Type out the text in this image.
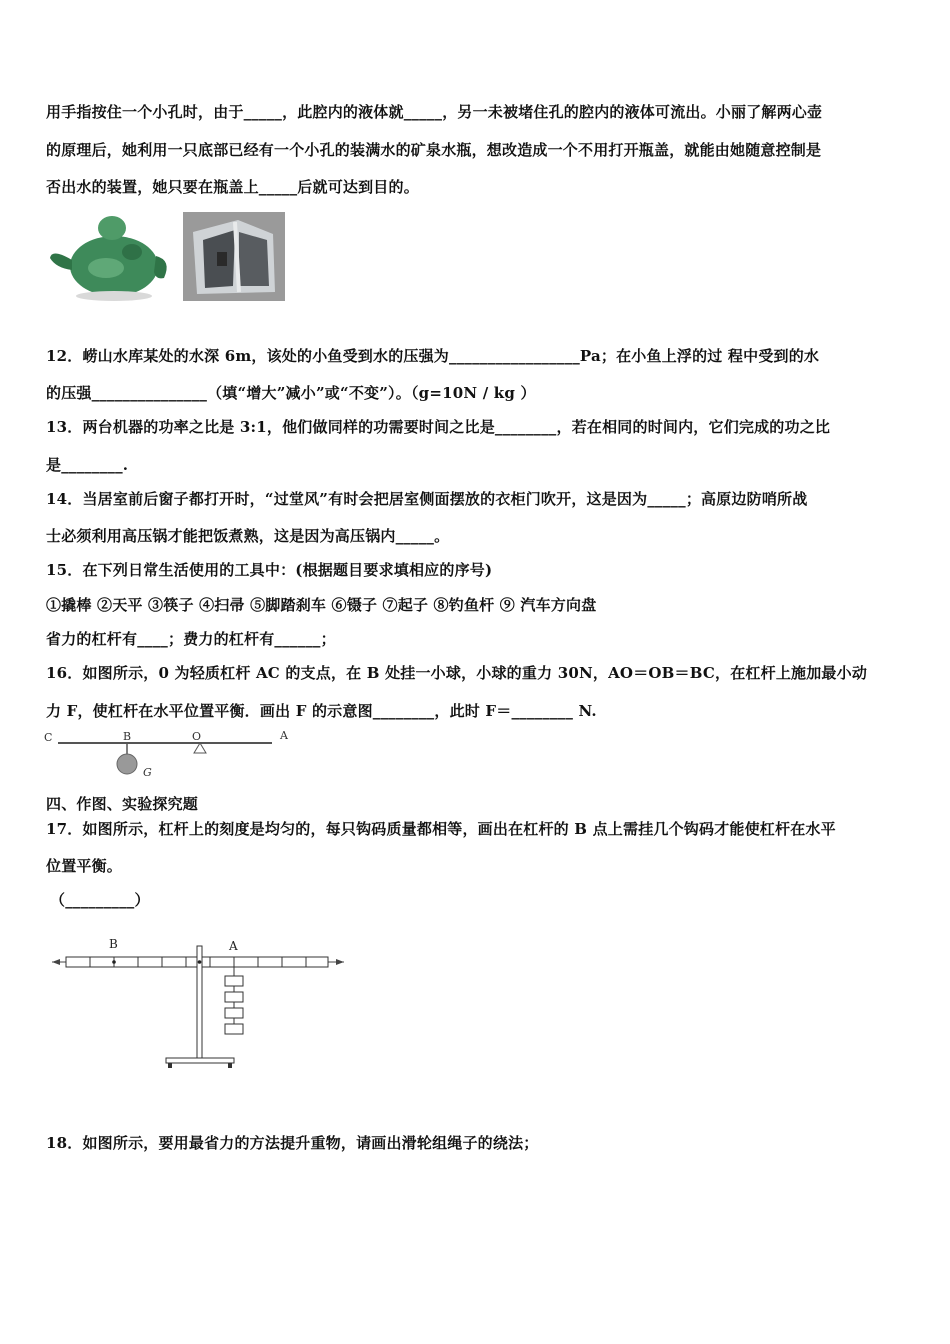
用手指按住一个小孔时，由于_____，此腔内的液体就_____，另一未被堵住孔的腔内的液体可流出。小丽了解两心壶
的原理后，她利用一只底部已经有一个小孔的装满水的矿泉水瓶，想改造成一个不用打开瓶盖，就能由她随意控制是
否出水的装置，她只要在瓶盖上_____后就可达到目的。
12．崂山水库某处的水深 6m，该处的小鱼受到水的压强为_________________Pa；在小鱼上浮的过 程中受到的水
的压强_______________（填“增大”减小”或“不变”）。（g=10N / kg ）
13．两台机器的功率之比是 3:1，他们做同样的功需要时间之比是________，若在相同的时间内，它们完成的功之比
是________.
14．当居室前后窗子都打开时，“过堂风”有时会把居室侧面摆放的衣柜门吹开，这是因为_____；高原边防哨所战
士必须利用高压锅才能把饭煮熟，这是因为高压锅内_____。
15．在下列日常生活使用的工具中：(根据题目要求填相应的序号)
①撬棒 ②天平 ③筷子 ④扫帚 ⑤脚踏刹车 ⑥镊子 ⑦起子 ⑧钓鱼杆 ⑨ 汽车方向盘
省力的杠杆有____；费力的杠杆有______；
16．如图所示，0 为轻质杠杆 AC 的支点，在 B 处挂一小球，小球的重力 30N，AO＝OB＝BC，在杠杆上施加最小动
力 F，使杠杆在水平位置平衡．画出 F 的示意图________，此时 F＝________ N.
C	B	O	A
G
四、作图、实验探究题
17．如图所示，杠杆上的刻度是均匀的，每只钩码质量都相等，画出在杠杆的 B 点上需挂几个钩码才能使杠杆在水平
位置平衡。
（_________）
B	A
18．如图所示，要用最省力的方法提升重物，请画出滑轮组绳子的绕法；
